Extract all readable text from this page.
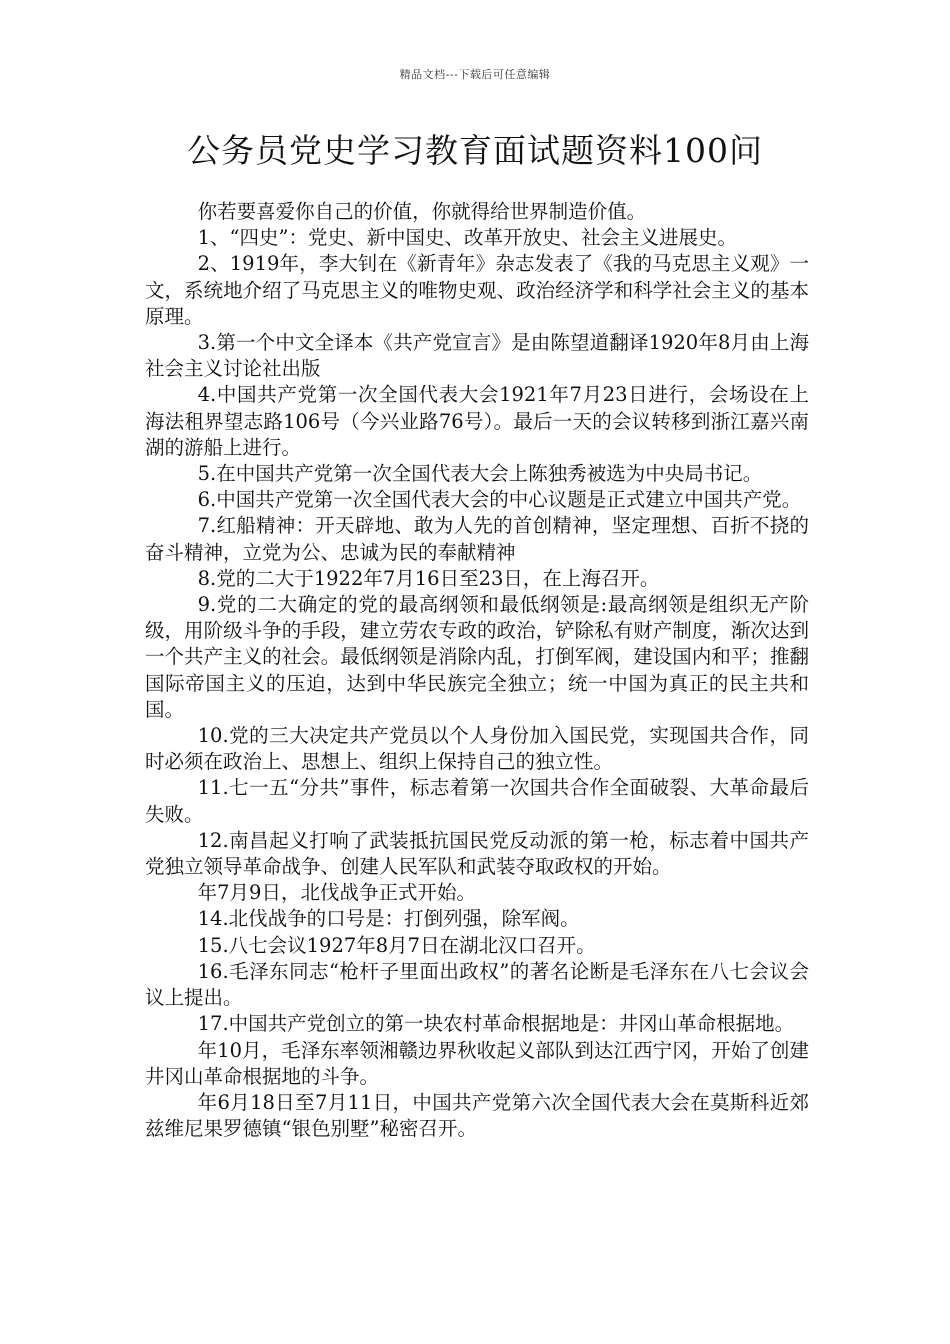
精品文档---下载后可任意编辑
公务员党史学习教育面试题资料100问

你若要喜爱你自己的价值，你就得给世界制造价值。

1、“四史”：党史、新中国史、改革开放史、社会主义进展史。

2、1919年，李大钊在《新青年》杂志发表了《我的马克思主义观》一文，系统地介绍了马克思主义的唯物史观、政治经济学和科学社会主义的基本原理。

3.第一个中文全译本《共产党宣言》是由陈望道翻译1920年8月由上海社会主义讨论社出版

4.中国共产党第一次全国代表大会1921年7月23日进行，会场设在上海法租界望志路106号（今兴业路76号）。最后一天的会议转移到浙江嘉兴南湖的游船上进行。

5.在中国共产党第一次全国代表大会上陈独秀被选为中央局书记。

6.中国共产党第一次全国代表大会的中心议题是正式建立中国共产党。

7.红船精神：开天辟地、敢为人先的首创精神，坚定理想、百折不挠的奋斗精神，立党为公、忠诚为民的奉献精神

8.党的二大于1922年7月16日至23日，在上海召开。

9.党的二大确定的党的最高纲领和最低纲领是:最高纲领是组织无产阶级，用阶级斗争的手段，建立劳农专政的政治，铲除私有财产制度，渐次达到一个共产主义的社会。最低纲领是消除内乱，打倒军阀，建设国内和平；推翻国际帝国主义的压迫，达到中华民族完全独立；统一中国为真正的民主共和国。

10.党的三大决定共产党员以个人身份加入国民党，实现国共合作，同时必须在政治上、思想上、组织上保持自己的独立性。

11.七一五“分共”事件，标志着第一次国共合作全面破裂、大革命最后失败。

12.南昌起义打响了武装抵抗国民党反动派的第一枪，标志着中国共产党独立领导革命战争、创建人民军队和武装夺取政权的开始。

年7月9日，北伐战争正式开始。

14.北伐战争的口号是：打倒列强，除军阀。

15.八七会议1927年8月7日在湖北汉口召开。

16.毛泽东同志“枪杆子里面出政权”的著名论断是毛泽东在八七会议会议上提出。

17.中国共产党创立的第一块农村革命根据地是：井冈山革命根据地。

年10月，毛泽东率领湘赣边界秋收起义部队到达江西宁冈，开始了创建井冈山革命根据地的斗争。

年6月18日至7月11日，中国共产党第六次全国代表大会在莫斯科近郊兹维尼果罗德镇“银色别墅”秘密召开。
